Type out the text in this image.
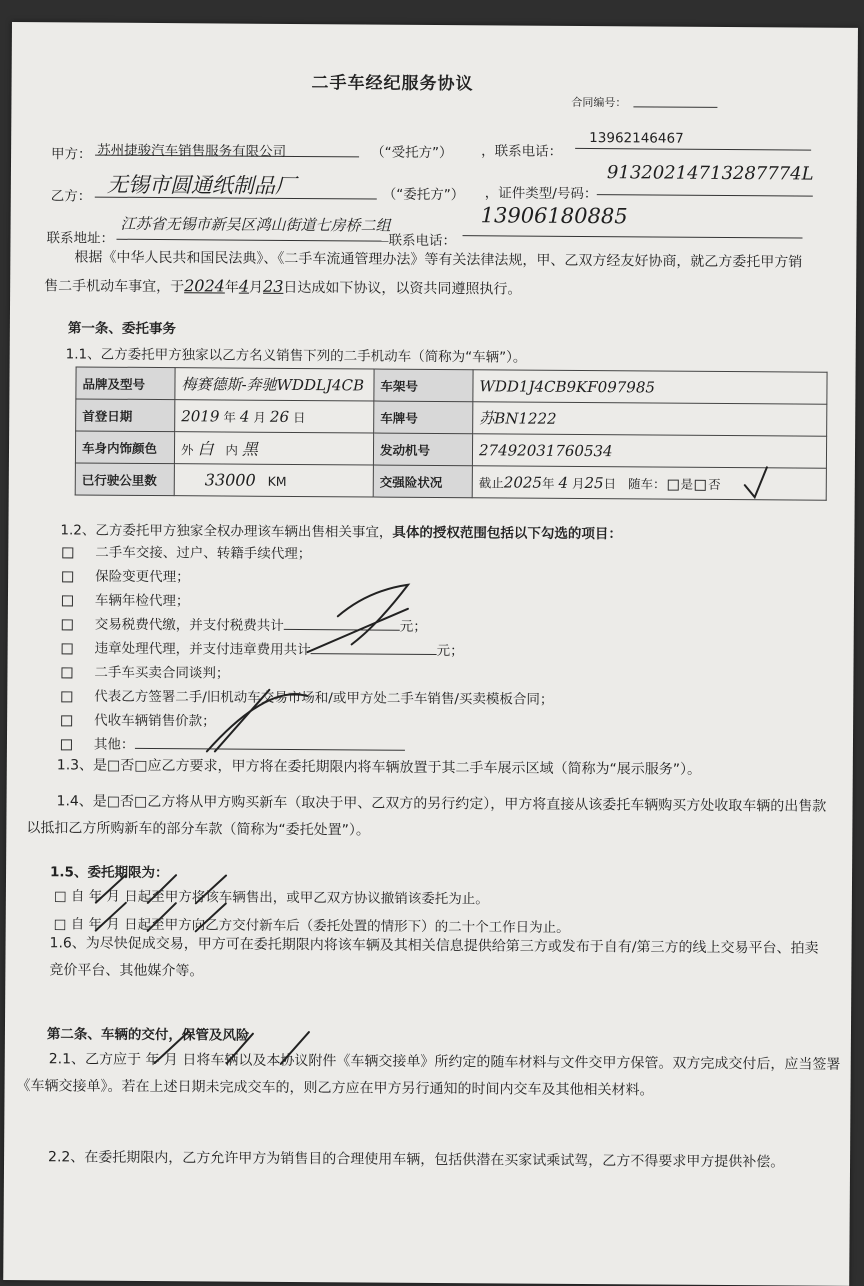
二手车经纪服务协议
合同编号：
甲方： 苏州捷骏汽车销售服务有限公司	（“受托方”） ，联系电话：
13962146467
乙方： 无锡市圆通纸制品厂	（“委托方”） ，证件类型/号码：
91320214713287774L
联系地址：
江苏省无锡市新吴区鸿山街道七房桥二组
联系电话：
13906180885
根据《中华人民共和国民法典》、《二手车流通管理办法》等有关法律法规，甲、乙双方经友好协商，就乙方委托甲方销售二手机动车事宜，于2024年4月23日达成如下协议，以资共同遵照执行。
第一条、委托事务
1.1、乙方委托甲方独家以乙方名义销售下列的二手机动车（简称为“车辆”）。
品牌及型号	梅赛德斯-奔驰WDDLJ4CB	车架号	WDD1J4CB9KF097985
首登日期	2019 年 4 月 26 日	车牌号	苏BN1222
车身内饰颜色	外 白 内 黑	发动机号	27492031760534
已行驶公里数	33000 KM	交强险状况	截止2025年 4 月25日 随车： 是 否
1.2、乙方委托甲方独家全权办理该车辆出售相关事宜，具体的授权范围包括以下勾选的项目：
二手车交接、过户、转籍手续代理；
保险变更代理；
车辆年检代理；
交易税费代缴，并支付税费共计	元；
违章处理代理，并支付违章费用共计	元；
二手车买卖合同谈判；
代表乙方签署二手/旧机动车交易市场和/或甲方处二手车销售/买卖模板合同；
代收车辆销售价款；
其他：
1.3、是□否□应乙方要求，甲方将在委托期限内将车辆放置于其二手车展示区域（简称为“展示服务”）。
1.4、是□否□乙方将从甲方购买新车（取决于甲、乙双方的另行约定），甲方将直接从该委托车辆购买方处收取车辆的出售款以抵扣乙方所购新车的部分车款（简称为“委托处置”）。
1.5、委托期限为：
□ 自 年 月 日起至甲方将该车辆售出，或甲乙双方协议撤销该委托为止。
□ 自 年 月 日起至甲方向乙方交付新车后（委托处置的情形下）的二十个工作日为止。
1.6、为尽快促成交易，甲方可在委托期限内将该车辆及其相关信息提供给第三方或发布于自有/第三方的线上交易平台、拍卖竞价平台、其他媒介等。
第二条、车辆的交付，保管及风险
2.1、乙方应于 年 月 日将车辆以及本协议附件《车辆交接单》所约定的随车材料与文件交甲方保管。双方完成交付后，应当签署《车辆交接单》。若在上述日期未完成交车的，则乙方应在甲方另行通知的时间内交车及其他相关材料。
2.2、在委托期限内，乙方允许甲方为销售目的合理使用车辆，包括供潜在买家试乘试驾，乙方不得要求甲方提供补偿。
